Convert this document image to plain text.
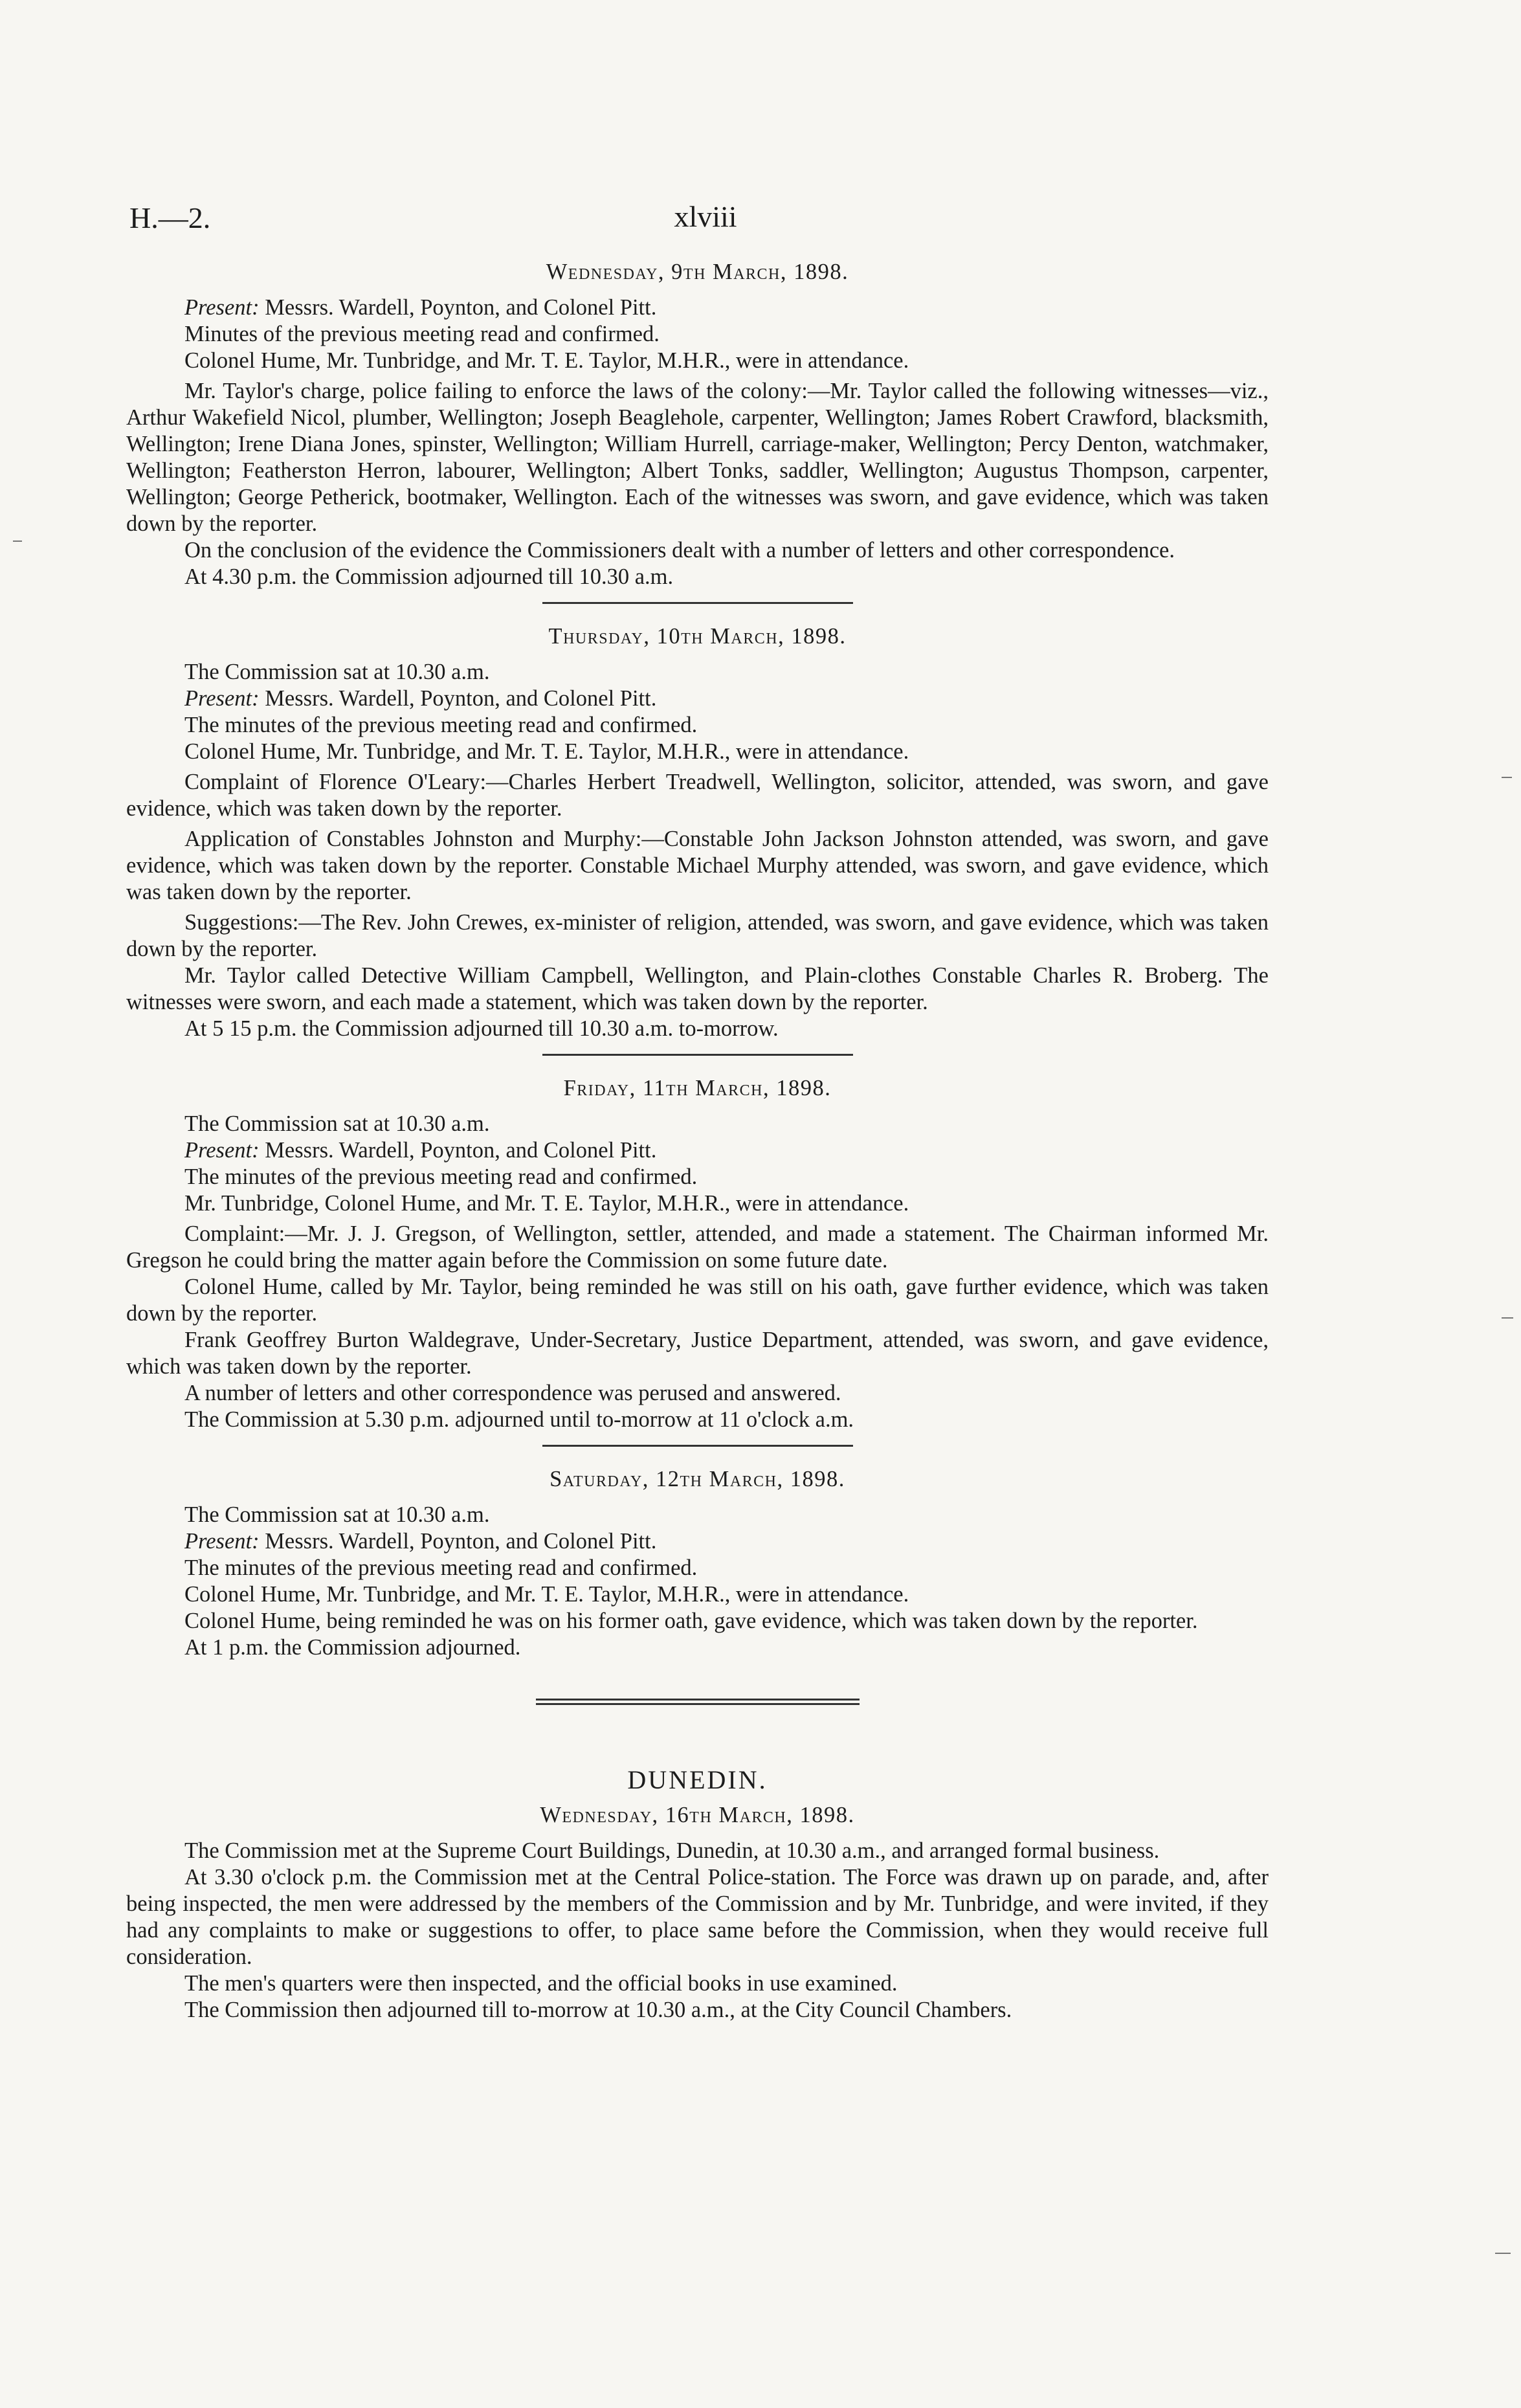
H.—2.	xlviii
Wednesday, 9th March, 1898.

Present: Messrs. Wardell, Poynton, and Colonel Pitt.

Minutes of the previous meeting read and confirmed.

Colonel Hume, Mr. Tunbridge, and Mr. T. E. Taylor, M.H.R., were in attendance.

Mr. Taylor's charge, police failing to enforce the laws of the colony:—Mr. Taylor called the following witnesses—viz., Arthur Wakefield Nicol, plumber, Wellington; Joseph Beaglehole, carpenter, Wellington; James Robert Crawford, blacksmith, Wellington; Irene Diana Jones, spinster, Wellington; William Hurrell, carriage-maker, Wellington; Percy Denton, watchmaker, Wellington; Featherston Herron, labourer, Wellington; Albert Tonks, saddler, Wellington; Augustus Thompson, carpenter, Wellington; George Petherick, bootmaker, Wellington. Each of the witnesses was sworn, and gave evidence, which was taken down by the reporter.

On the conclusion of the evidence the Commissioners dealt with a number of letters and other correspondence.

At 4.30 p.m. the Commission adjourned till 10.30 a.m.

Thursday, 10th March, 1898.

The Commission sat at 10.30 a.m.

Present: Messrs. Wardell, Poynton, and Colonel Pitt.

The minutes of the previous meeting read and confirmed.

Colonel Hume, Mr. Tunbridge, and Mr. T. E. Taylor, M.H.R., were in attendance.

Complaint of Florence O'Leary:—Charles Herbert Treadwell, Wellington, solicitor, attended, was sworn, and gave evidence, which was taken down by the reporter.

Application of Constables Johnston and Murphy:—Constable John Jackson Johnston attended, was sworn, and gave evidence, which was taken down by the reporter. Constable Michael Murphy attended, was sworn, and gave evidence, which was taken down by the reporter.

Suggestions:—The Rev. John Crewes, ex-minister of religion, attended, was sworn, and gave evidence, which was taken down by the reporter.

Mr. Taylor called Detective William Campbell, Wellington, and Plain-clothes Constable Charles R. Broberg. The witnesses were sworn, and each made a statement, which was taken down by the reporter.

At 5 15 p.m. the Commission adjourned till 10.30 a.m. to-morrow.

Friday, 11th March, 1898.

The Commission sat at 10.30 a.m.

Present: Messrs. Wardell, Poynton, and Colonel Pitt.

The minutes of the previous meeting read and confirmed.

Mr. Tunbridge, Colonel Hume, and Mr. T. E. Taylor, M.H.R., were in attendance.

Complaint:—Mr. J. J. Gregson, of Wellington, settler, attended, and made a statement. The Chairman informed Mr. Gregson he could bring the matter again before the Commission on some future date.

Colonel Hume, called by Mr. Taylor, being reminded he was still on his oath, gave further evidence, which was taken down by the reporter.

Frank Geoffrey Burton Waldegrave, Under-Secretary, Justice Department, attended, was sworn, and gave evidence, which was taken down by the reporter.

A number of letters and other correspondence was perused and answered.

The Commission at 5.30 p.m. adjourned until to-morrow at 11 o'clock a.m.

Saturday, 12th March, 1898.

The Commission sat at 10.30 a.m.

Present: Messrs. Wardell, Poynton, and Colonel Pitt.

The minutes of the previous meeting read and confirmed.

Colonel Hume, Mr. Tunbridge, and Mr. T. E. Taylor, M.H.R., were in attendance.

Colonel Hume, being reminded he was on his former oath, gave evidence, which was taken down by the reporter.

At 1 p.m. the Commission adjourned.

DUNEDIN.
Wednesday, 16th March, 1898.

The Commission met at the Supreme Court Buildings, Dunedin, at 10.30 a.m., and arranged formal business.

At 3.30 o'clock p.m. the Commission met at the Central Police-station. The Force was drawn up on parade, and, after being inspected, the men were addressed by the members of the Commission and by Mr. Tunbridge, and were invited, if they had any complaints to make or suggestions to offer, to place same before the Commission, when they would receive full consideration.

The men's quarters were then inspected, and the official books in use examined.

The Commission then adjourned till to-morrow at 10.30 a.m., at the City Council Chambers.
